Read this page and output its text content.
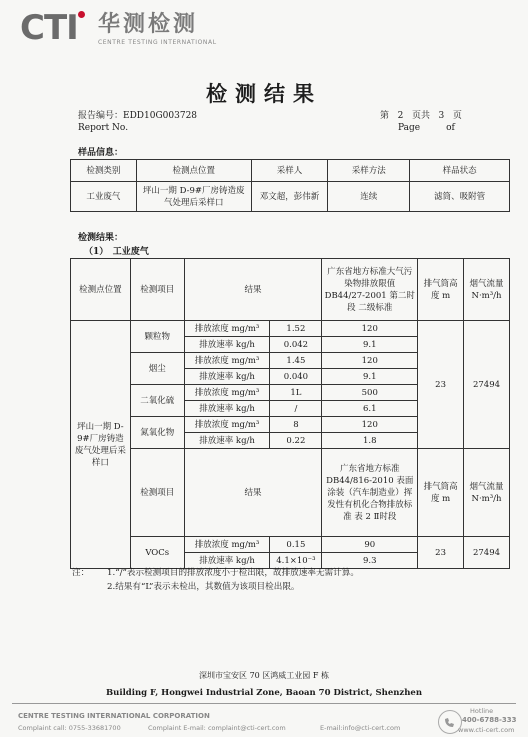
CTI 华测检测
CENTRE TESTING INTERNATIONAL
检测结果
报告编号：EDD10G003728
Report No.
第 2 页共 3 页
Page	of
样品信息：
检测类别	检测点位置	采样人	采样方法	样品状态
工业废气	坪山一期 D-9#厂房铸造废气处理后采样口	邓文超，彭伟新	连续	滤筒、吸附管
检测结果：
（1）　工业废气
检测点位置	检测项目	结果		广东省地方标准大气污染物排放限值 DB44/27-2001 第二时段 二级标准	排气筒高度 m	烟气流量 N·m³/h
坪山一期 D-9#厂房铸造废气处理后采样口	颗粒物	排放浓度 mg/m³	1.52	120	23	27494
		排放速率 kg/h	0.042	9.1		
	烟尘	排放浓度 mg/m³	1.45	120		
		排放速率 kg/h	0.040	9.1		
	二氧化硫	排放浓度 mg/m³	1L	500		
		排放速率 kg/h	/	6.1		
	氮氧化物	排放浓度 mg/m³	8	120		
		排放速率 kg/h	0.22	1.8		
	检测项目	结果		广东省地方标准 DB44/816-2010 表面涂装（汽车制造业）挥发性有机化合物排放标准 表 2 Ⅱ时段	排气筒高度 m	烟气流量 N·m³/h
	VOCs	排放浓度 mg/m³	0.15	90	23	27494
		排放速率 kg/h	4.1×10⁻³	9.3		
注： 1.“/”表示检测项目的排放浓度小于检出限，故排放速率无需计算。
2.结果有“L”表示未检出，其数值为该项目检出限。
深圳市宝安区 70 区鸿威工业园 F 栋
Building F, Hongwei Industrial Zone, Baoan 70 District, Shenzhen
CENTRE TESTING INTERNATIONAL CORPORATION
Complaint call: 0755-33681700	Complaint E-mail: complaint@cti-cert.com	E-mail:info@cti-cert.com
Hotline
400-6788-333
www.cti-cert.com
